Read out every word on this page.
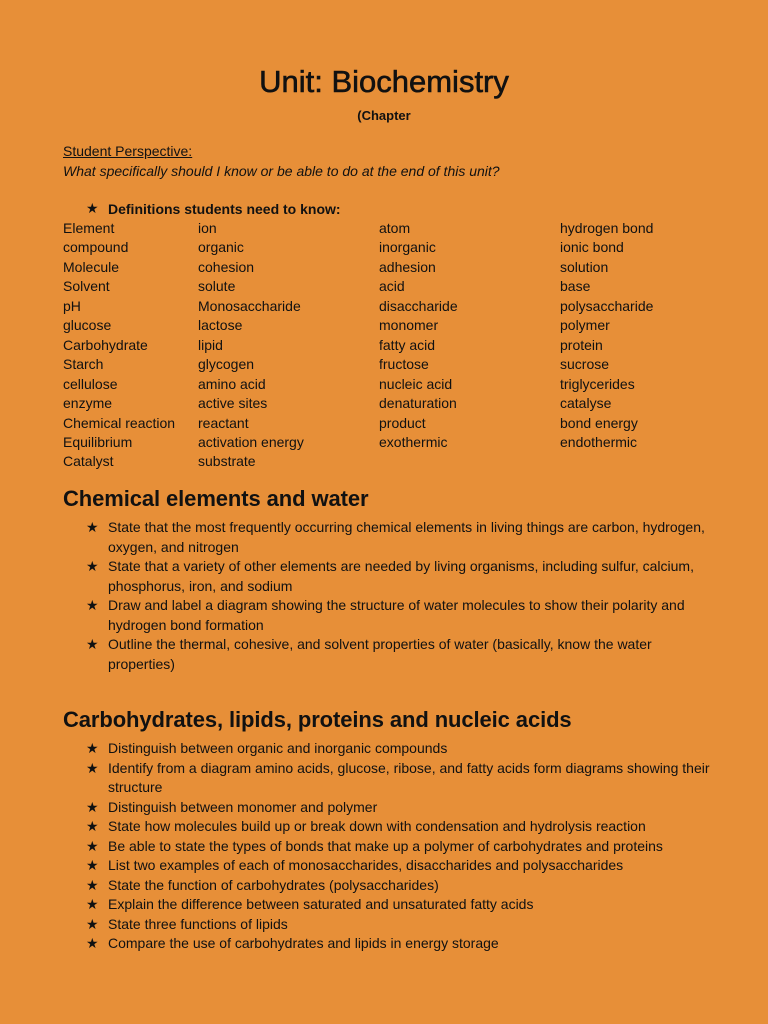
Unit: Biochemistry
(Chapter
Student Perspective:
What specifically should I know or be able to do at the end of this unit?
★ Definitions students need to know:
Element
compound
Molecule
Solvent
pH
glucose
Carbohydrate
Starch
cellulose
enzyme
Chemical reaction
Equilibrium
Catalyst
ion
organic
cohesion
solute
Monosaccharide
lactose
lipid
glycogen
amino acid
active sites
reactant
activation energy
substrate
atom
inorganic
adhesion
acid
disaccharide
monomer
fatty acid
fructose
nucleic acid
denaturation
product
exothermic
hydrogen bond
ionic bond
solution
base
polysaccharide
polymer
protein
sucrose
triglycerides
catalyse
bond energy
endothermic
Chemical elements and water
★ State that the most frequently occurring chemical elements in living things are carbon, hydrogen, oxygen, and nitrogen
★ State that a variety of other elements are needed by living organisms, including sulfur, calcium, phosphorus, iron, and sodium
★ Draw and label a diagram showing the structure of water molecules to show their polarity and hydrogen bond formation
★ Outline the thermal, cohesive, and solvent properties of water (basically, know the water properties)
Carbohydrates, lipids, proteins and nucleic acids
★ Distinguish between organic and inorganic compounds
★ Identify from a diagram amino acids, glucose, ribose, and fatty acids form diagrams showing their structure
★ Distinguish between monomer and polymer
★ State how molecules build up or break down with condensation and hydrolysis reaction
★ Be able to state the types of bonds that make up a polymer of carbohydrates and proteins
★ List two examples of each of monosaccharides, disaccharides and polysaccharides
★ State the function of carbohydrates (polysaccharides)
★ Explain the difference between saturated and unsaturated fatty acids
★ State three functions of lipids
★ Compare the use of carbohydrates and lipids in energy storage
